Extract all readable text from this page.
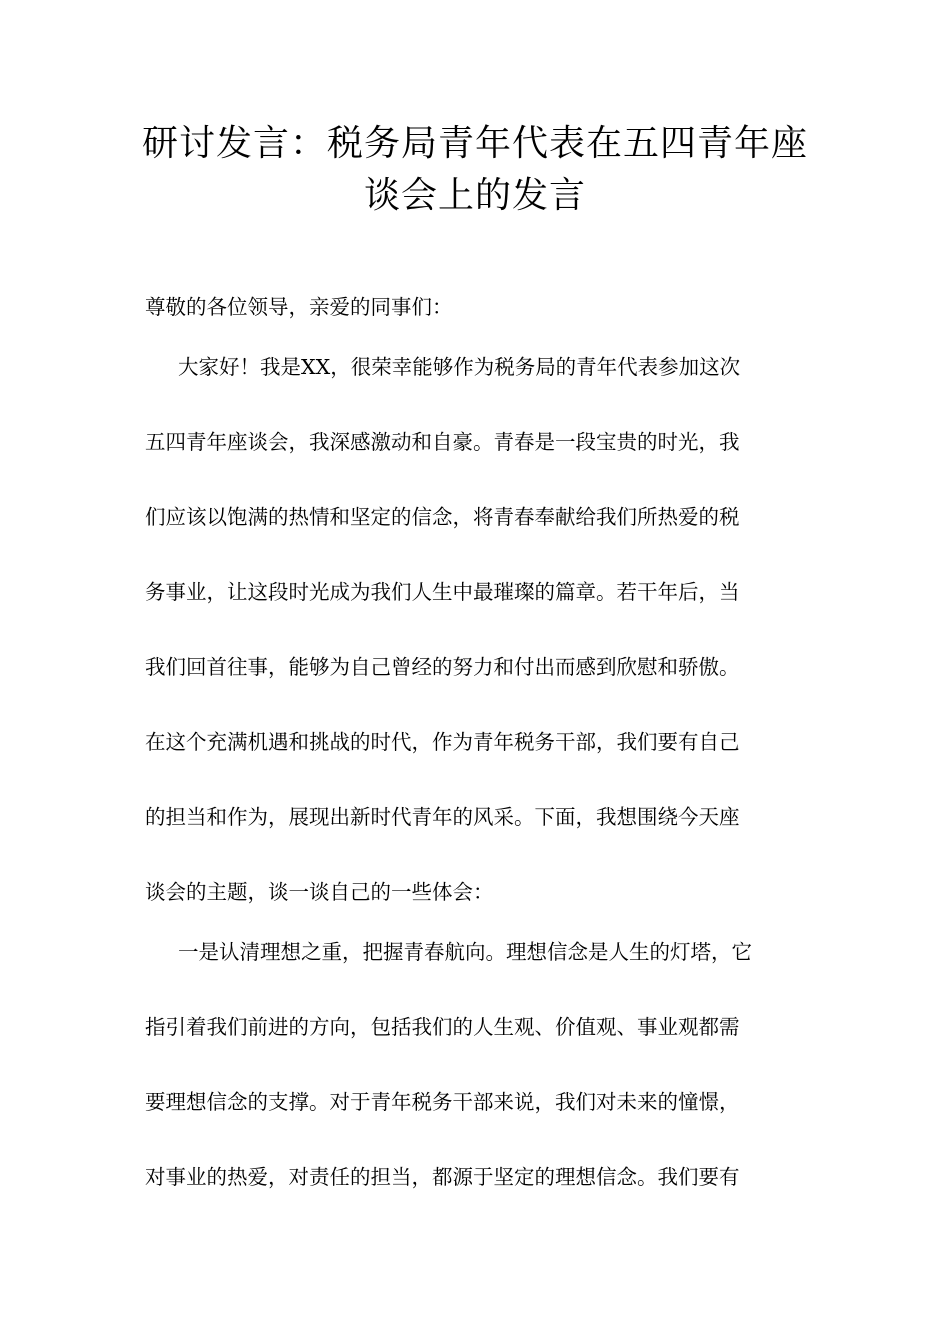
研讨发言：税务局青年代表在五四青年座
谈会上的发言
尊敬的各位领导，亲爱的同事们：
大家好！我是XX，很荣幸能够作为税务局的青年代表参加这次
五四青年座谈会，我深感激动和自豪。青春是一段宝贵的时光，我
们应该以饱满的热情和坚定的信念，将青春奉献给我们所热爱的税
务事业，让这段时光成为我们人生中最璀璨的篇章。若干年后，当
我们回首往事，能够为自己曾经的努力和付出而感到欣慰和骄傲。
在这个充满机遇和挑战的时代，作为青年税务干部，我们要有自己
的担当和作为，展现出新时代青年的风采。下面，我想围绕今天座
谈会的主题，谈一谈自己的一些体会：
一是认清理想之重，把握青春航向。理想信念是人生的灯塔，它
指引着我们前进的方向，包括我们的人生观、价值观、事业观都需
要理想信念的支撑。对于青年税务干部来说，我们对未来的憧憬，
对事业的热爱，对责任的担当，都源于坚定的理想信念。我们要有
